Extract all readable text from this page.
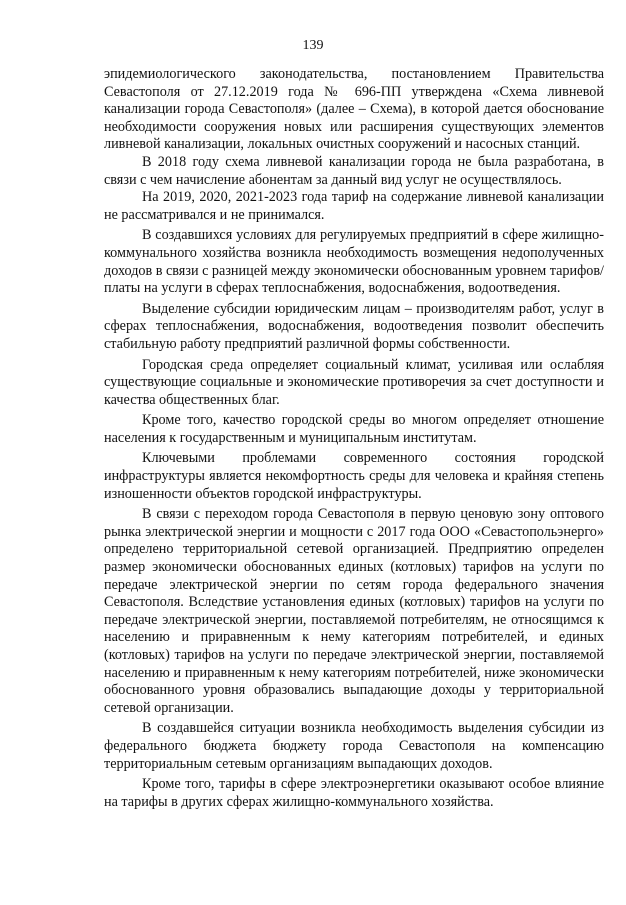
139

эпидемиологического законодательства, постановлением Правительства Севастополя от 27.12.2019 года № 696-ПП утверждена «Схема ливневой канализации города Севастополя» (далее – Схема), в которой дается обоснование необходимости сооружения новых или расширения существующих элементов ливневой канализации, локальных очистных сооружений и насосных станций.

В 2018 году схема ливневой канализации города не была разработана, в связи с чем начисление абонентам за данный вид услуг не осуществлялось.

На 2019, 2020, 2021-2023 года тариф на содержание ливневой канализации не рассматривался и не принимался.

В создавшихся условиях для регулируемых предприятий в сфере жилищно-коммунального хозяйства возникла необходимость возмещения недополученных доходов в связи с разницей между экономически обоснованным уровнем тарифов/платы на услуги в сферах теплоснабжения, водоснабжения, водоотведения.

Выделение субсидии юридическим лицам – производителям работ, услуг в сферах теплоснабжения, водоснабжения, водоотведения позволит обеспечить стабильную работу предприятий различной формы собственности.

Городская среда определяет социальный климат, усиливая или ослабляя существующие социальные и экономические противоречия за счет доступности и качества общественных благ.

Кроме того, качество городской среды во многом определяет отношение населения к государственным и муниципальным институтам.

Ключевыми проблемами современного состояния городской инфраструктуры является некомфортность среды для человека и крайняя степень изношенности объектов городской инфраструктуры.

В связи с переходом города Севастополя в первую ценовую зону оптового рынка электрической энергии и мощности с 2017 года ООО «Севастопольэнерго» определено территориальной сетевой организацией. Предприятию определен размер экономически обоснованных единых (котловых) тарифов на услуги по передаче электрической энергии по сетям города федерального значения Севастополя. Вследствие установления единых (котловых) тарифов на услуги по передаче электрической энергии, поставляемой потребителям, не относящимся к населению и приравненным к нему категориям потребителей, и единых (котловых) тарифов на услуги по передаче электрической энергии, поставляемой населению и приравненным к нему категориям потребителей, ниже экономически обоснованного уровня образовались выпадающие доходы у территориальной сетевой организации.

В создавшейся ситуации возникла необходимость выделения субсидии из федерального бюджета бюджету города Севастополя на компенсацию территориальным сетевым организациям выпадающих доходов.

Кроме того, тарифы в сфере электроэнергетики оказывают особое влияние на тарифы в других сферах жилищно-коммунального хозяйства.
